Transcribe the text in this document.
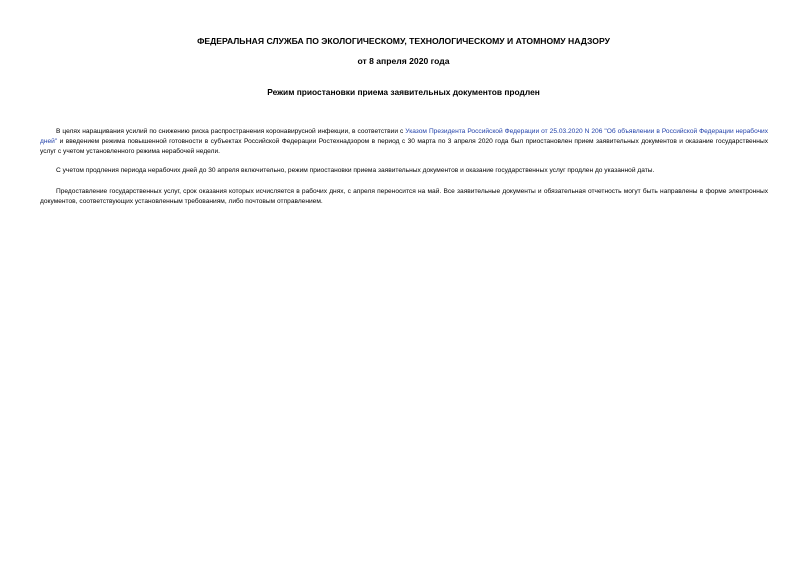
ФЕДЕРАЛЬНАЯ СЛУЖБА ПО ЭКОЛОГИЧЕСКОМУ, ТЕХНОЛОГИЧЕСКОМУ И АТОМНОМУ НАДЗОРУ
от 8 апреля 2020 года
Режим приостановки приема заявительных документов продлен

В целях наращивания усилий по снижению риска распространения коронавирусной инфекции, в соответствии с Указом Президента Российской Федерации от 25.03.2020 N 206 "Об объявлении в Российской Федерации нерабочих дней" и введением режима повышенной готовности в субъектах Российской Федерации Ростехнадзором в период с 30 марта по 3 апреля 2020 года был приостановлен прием заявительных документов и оказание государственных услуг с учетом установленного режима нерабочей недели.

С учетом продления периода нерабочих дней до 30 апреля включительно, режим приостановки приема заявительных документов и оказание государственных услуг продлен до указанной даты.

Предоставление государственных услуг, срок оказания которых исчисляется в рабочих днях, с апреля переносится на май. Все заявительные документы и обязательная отчетность могут быть направлены в форме электронных документов, соответствующих установленным требованиям, либо почтовым отправлением.
